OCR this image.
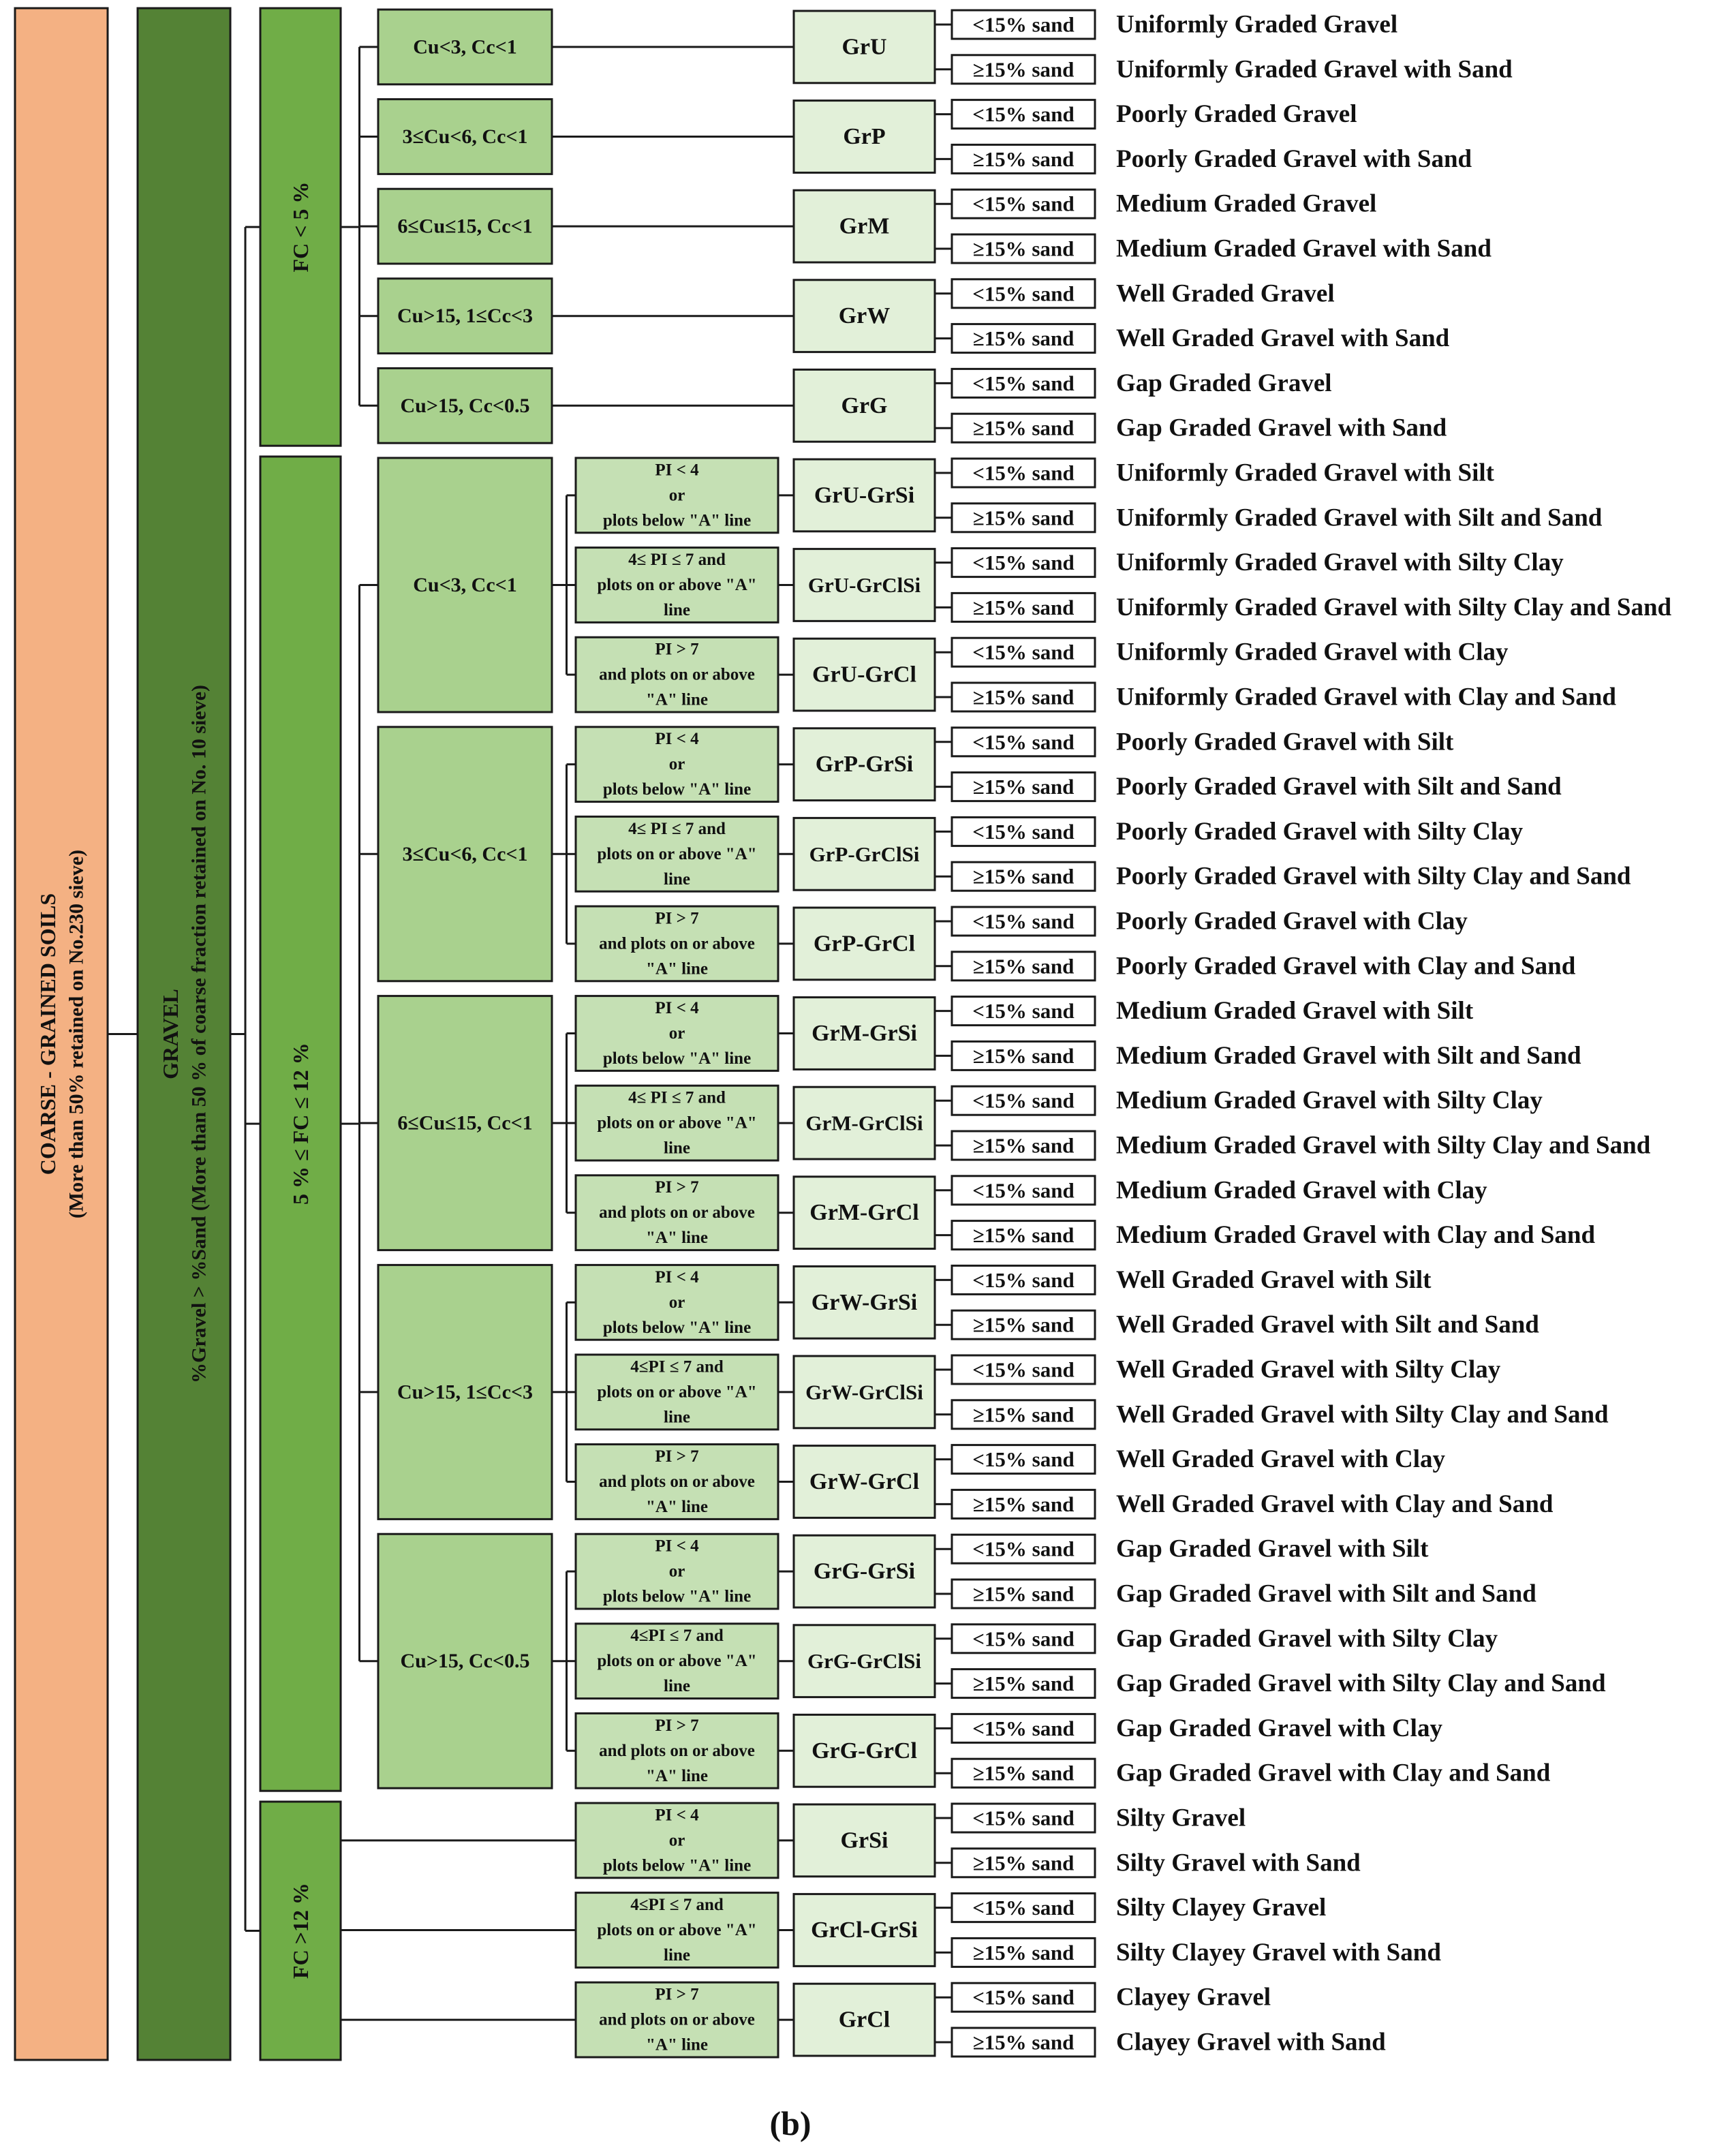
GrU
<15% sand Uniformly Graded Gravel
≥15% sand Uniformly Graded Gravel with Sand
Cu<3, Cc<1
GrP
<15% sand Poorly Graded Gravel
≥15% sand Poorly Graded Gravel with Sand
3≤Cu<6, Cc<1
GrM
<15% sand Medium Graded Gravel
≥15% sand Medium Graded Gravel with Sand
6≤Cu≤15, Cc<1
GrW
<15% sand Well Graded Gravel
≥15% sand Well Graded Gravel with Sand
Cu>15, 1≤Cc<3
GrG
<15% sand Gap Graded Gravel
≥15% sand Gap Graded Gravel with Sand
Cu>15, Cc<0.5
FC < 5 %
GrU-GrSi
PI < 4
or
plots below "A" line
<15% sand Uniformly Graded Gravel with Silt
≥15% sand Uniformly Graded Gravel with Silt and Sand
GrU-GrClSi
4≤ PI ≤ 7 and
plots on or above "A"
line
<15% sand Uniformly Graded Gravel with Silty Clay
≥15% sand Uniformly Graded Gravel with Silty Clay and Sand
GrU-GrCl
PI > 7
and plots on or above
"A" line
<15% sand Uniformly Graded Gravel with Clay
≥15% sand Uniformly Graded Gravel with Clay and Sand
Cu<3, Cc<1
GrP-GrSi
PI < 4
or
plots below "A" line
<15% sand Poorly Graded Gravel with Silt
≥15% sand Poorly Graded Gravel with Silt and Sand
GrP-GrClSi
4≤ PI ≤ 7 and
plots on or above "A"
line
<15% sand Poorly Graded Gravel with Silty Clay
≥15% sand Poorly Graded Gravel with Silty Clay and Sand
GrP-GrCl
PI > 7
and plots on or above
"A" line
<15% sand Poorly Graded Gravel with Clay
≥15% sand Poorly Graded Gravel with Clay and Sand
3≤Cu<6, Cc<1
GrM-GrSi
PI < 4
or
plots below "A" line
<15% sand Medium Graded Gravel with Silt
≥15% sand Medium Graded Gravel with Silt and Sand
GrM-GrClSi
4≤ PI ≤ 7 and
plots on or above "A"
line
<15% sand Medium Graded Gravel with Silty Clay
≥15% sand Medium Graded Gravel with Silty Clay and Sand
GrM-GrCl
PI > 7
and plots on or above
"A" line
<15% sand Medium Graded Gravel with Clay
≥15% sand Medium Graded Gravel with Clay and Sand
6≤Cu≤15, Cc<1
GrW-GrSi
PI < 4
or
plots below "A" line
<15% sand Well Graded Gravel with Silt
≥15% sand Well Graded Gravel with Silt and Sand
GrW-GrClSi
4≤PI ≤ 7 and
plots on or above "A"
line
<15% sand Well Graded Gravel with Silty Clay
≥15% sand Well Graded Gravel with Silty Clay and Sand
GrW-GrCl
PI > 7
and plots on or above
"A" line
<15% sand Well Graded Gravel with Clay
≥15% sand Well Graded Gravel with Clay and Sand
Cu>15, 1≤Cc<3
GrG-GrSi
PI < 4
or
plots below "A" line
<15% sand Gap Graded Gravel with Silt
≥15% sand Gap Graded Gravel with Silt and Sand
GrG-GrClSi
4≤PI ≤ 7 and
plots on or above "A"
line
<15% sand Gap Graded Gravel with Silty Clay
≥15% sand Gap Graded Gravel with Silty Clay and Sand
GrG-GrCl
PI > 7
and plots on or above
"A" line
<15% sand Gap Graded Gravel with Clay
≥15% sand Gap Graded Gravel with Clay and Sand
Cu>15, Cc<0.5
5 % ≤ FC ≤ 12 %
GrSi
PI < 4
or
plots below "A" line
<15% sand Silty Gravel
≥15% sand Silty Gravel with Sand
GrCl-GrSi
4≤PI ≤ 7 and
plots on or above "A"
line
<15% sand Silty Clayey Gravel
≥15% sand Silty Clayey Gravel with Sand
GrCl
PI > 7
and plots on or above
"A" line
<15% sand Clayey Gravel
≥15% sand Clayey Gravel with Sand
FC >12 %
GRAVEL %Gravel > %Sand (More than 50 % of coarse fraction retained on No. 10 sieve)
COARSE - GRAINED SOILS (More than 50% retained on No.230 sieve)
(b)
